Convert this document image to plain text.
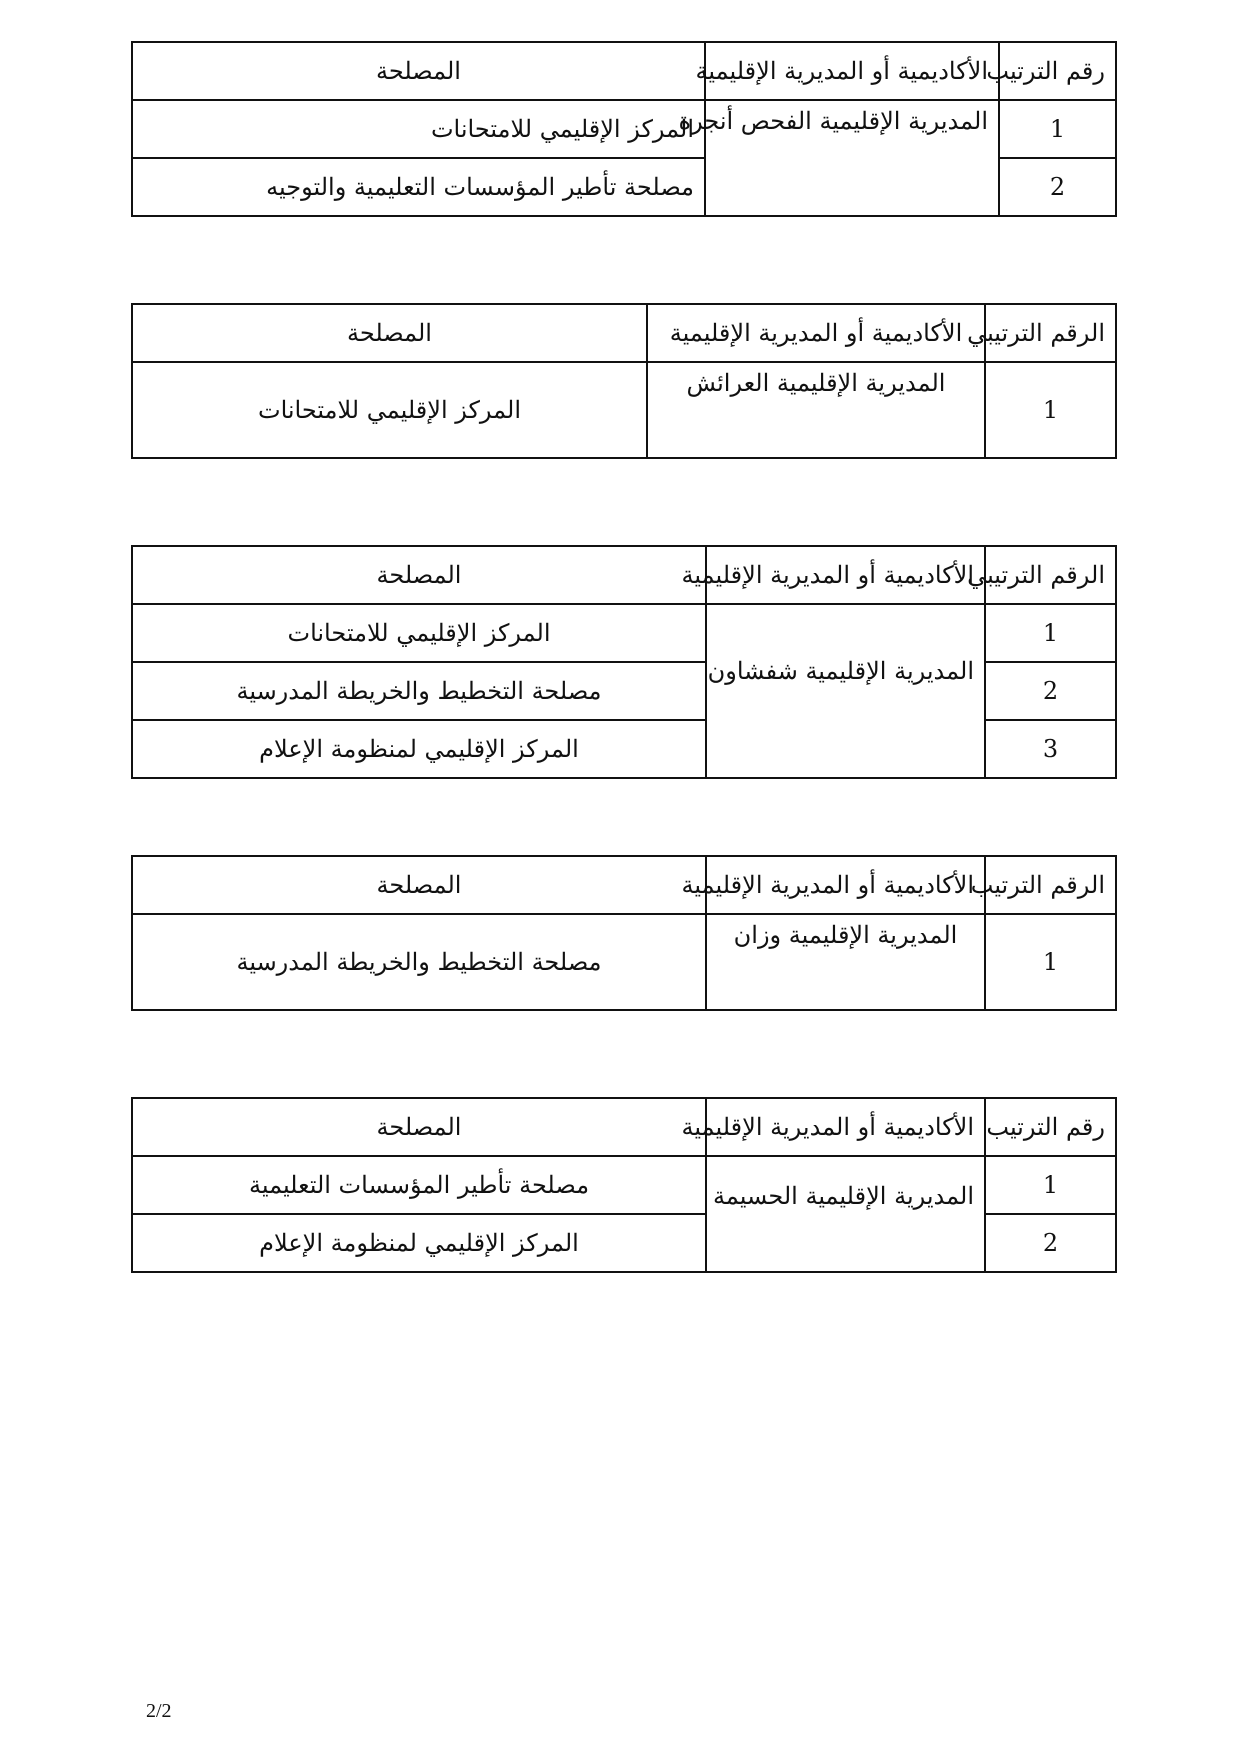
رقم الترتيب	الأكاديمية أو المديرية الإقليمية	المصلحة
1	المديرية الإقليمية الفحص أنجرة	المركز الإقليمي للامتحانات
2		مصلحة تأطير المؤسسات التعليمية والتوجيه
الرقم الترتيبي	الأكاديمية أو المديرية الإقليمية	المصلحة
1	المديرية الإقليمية العرائش	المركز الإقليمي للامتحانات
الرقم الترتيبي	الأكاديمية أو المديرية الإقليمية	المصلحة
1	المديرية الإقليمية شفشاون	المركز الإقليمي للامتحانات
2		مصلحة التخطيط والخريطة المدرسية
3		المركز الإقليمي لمنظومة الإعلام
الرقم الترتيب	الأكاديمية أو المديرية الإقليمية	المصلحة
1	المديرية الإقليمية وزان	مصلحة التخطيط والخريطة المدرسية
رقم الترتيب	الأكاديمية أو المديرية الإقليمية	المصلحة
1	المديرية الإقليمية الحسيمة	مصلحة تأطير المؤسسات التعليمية
2		المركز الإقليمي لمنظومة الإعلام
2/2
